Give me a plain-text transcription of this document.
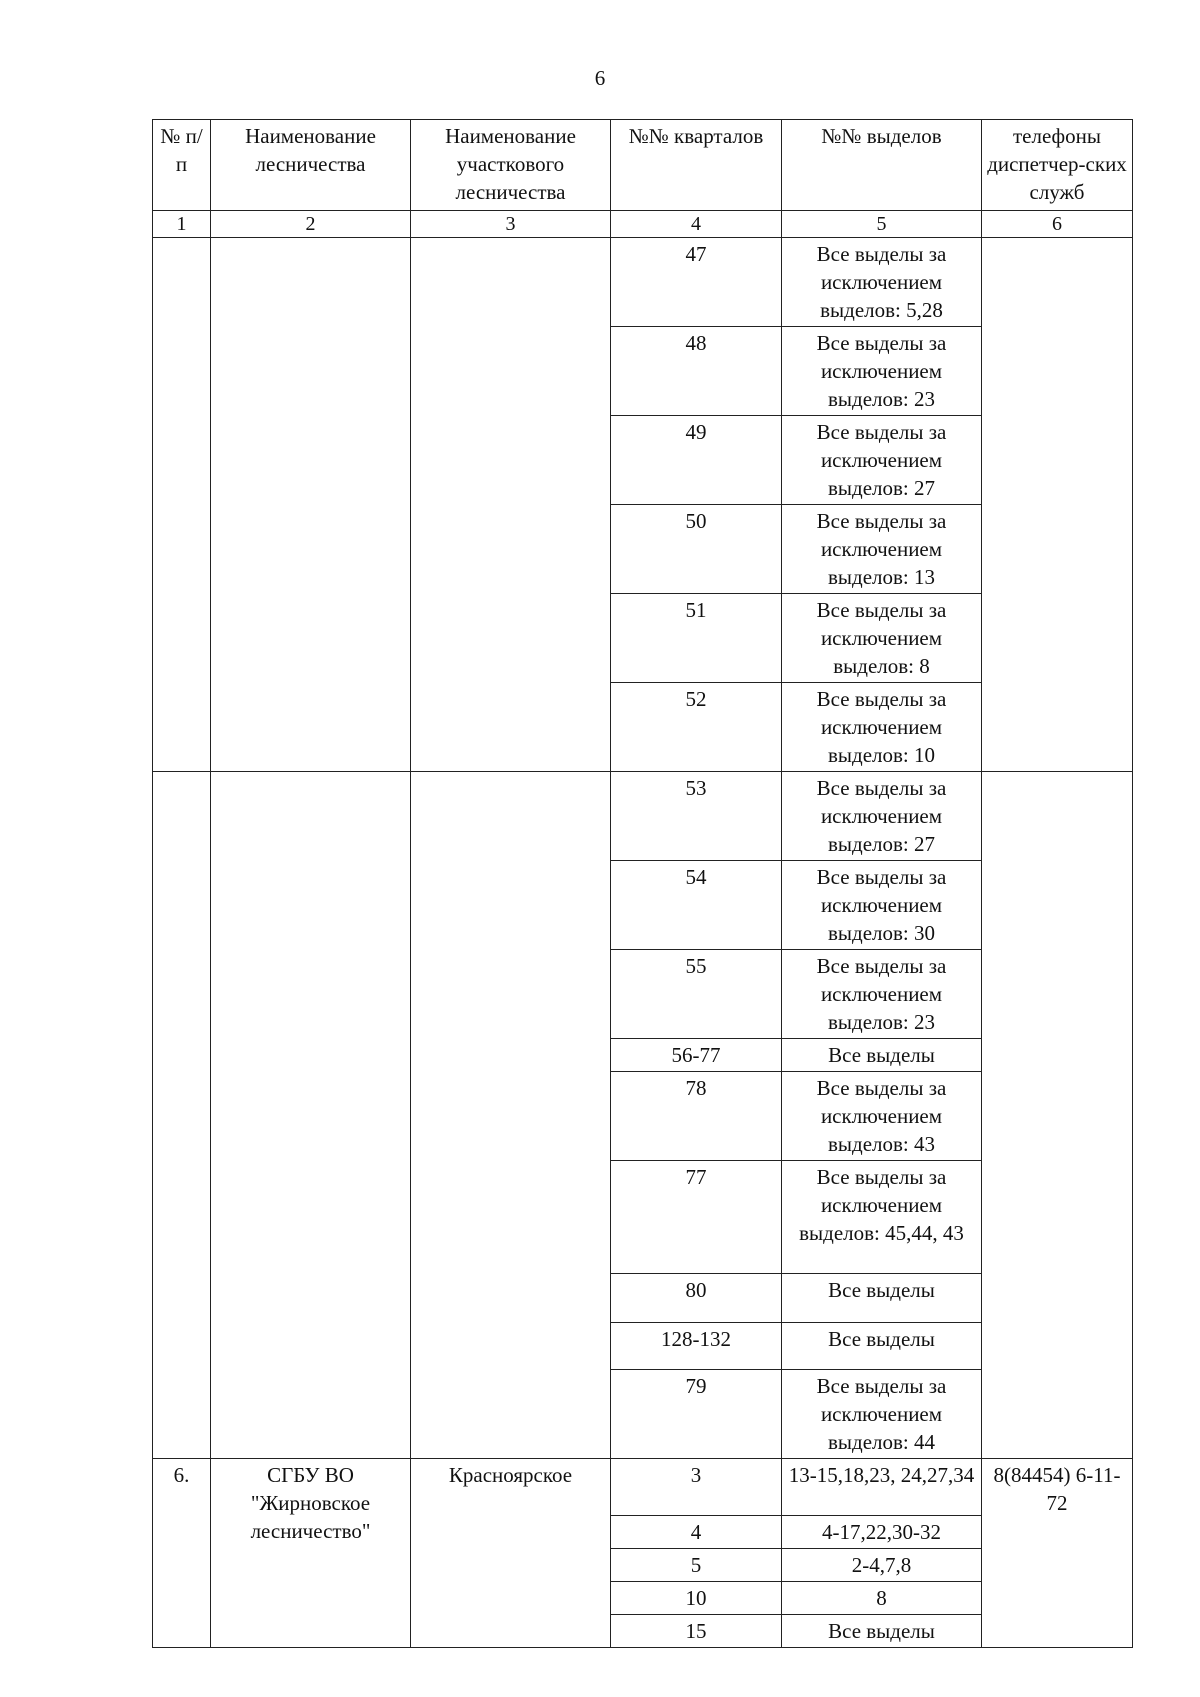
6
№ п/п	Наименование лесничества	Наименование участкового лесничества	№№ кварталов	№№ выделов	телефоны диспетчер-ских служб
1	2	3	4	5	6
			47	Все выделы за исключением выделов: 5,28	
			48	Все выделы за исключением выделов: 23	
			49	Все выделы за исключением выделов: 27	
			50	Все выделы за исключением выделов: 13	
			51	Все выделы за исключением выделов: 8	
			52	Все выделы за исключением выделов: 10	
			53	Все выделы за исключением выделов: 27	
			54	Все выделы за исключением выделов: 30	
			55	Все выделы за исключением выделов: 23	
			56-77	Все выделы	
			78	Все выделы за исключением выделов: 43	
			77	Все выделы за исключением выделов: 45,44, 43	
			80	Все выделы	
			128-132	Все выделы	
			79	Все выделы за исключением выделов: 44	
6.	СГБУ ВО "Жирновское лесничество"	Красноярское	3	13-15,18,23, 24,27,34	8(84454) 6-11-72
			4	4-17,22,30-32	
			5	2-4,7,8	
			10	8	
			15	Все выделы	
